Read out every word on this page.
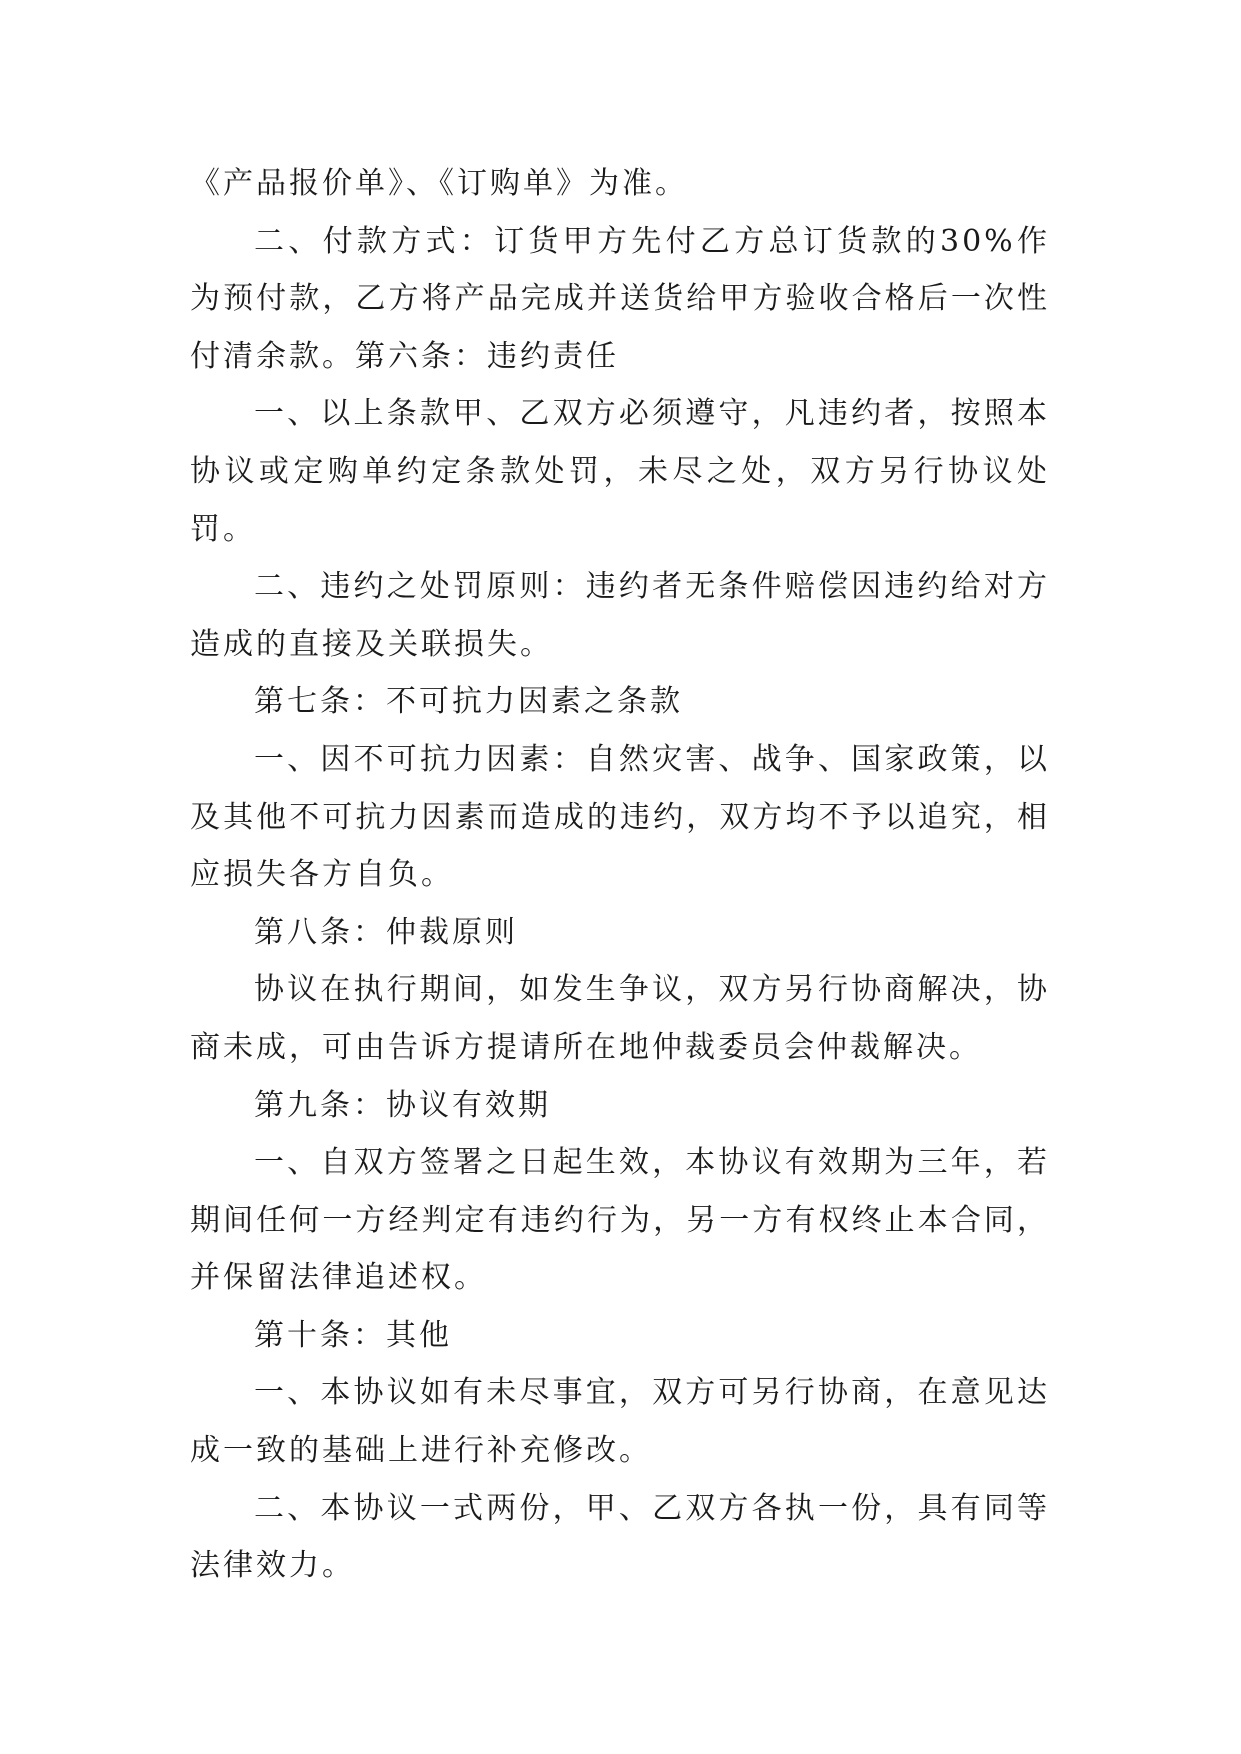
《产品报价单》、《订购单》为准。

二、付款方式：订货甲方先付乙方总订货款的30%作为预付款，乙方将产品完成并送货给甲方验收合格后一次性付清余款。第六条：违约责任

一、以上条款甲、乙双方必须遵守，凡违约者，按照本协议或定购单约定条款处罚，未尽之处，双方另行协议处罚。

二、违约之处罚原则：违约者无条件赔偿因违约给对方造成的直接及关联损失。

第七条：不可抗力因素之条款

一、因不可抗力因素：自然灾害、战争、国家政策，以及其他不可抗力因素而造成的违约，双方均不予以追究，相应损失各方自负。

第八条：仲裁原则

协议在执行期间，如发生争议，双方另行协商解决，协商未成，可由告诉方提请所在地仲裁委员会仲裁解决。

第九条：协议有效期

一、自双方签署之日起生效，本协议有效期为三年，若期间任何一方经判定有违约行为，另一方有权终止本合同，并保留法律追述权。

第十条：其他

一、本协议如有未尽事宜，双方可另行协商，在意见达成一致的基础上进行补充修改。

二、本协议一式两份，甲、乙双方各执一份，具有同等法律效力。
